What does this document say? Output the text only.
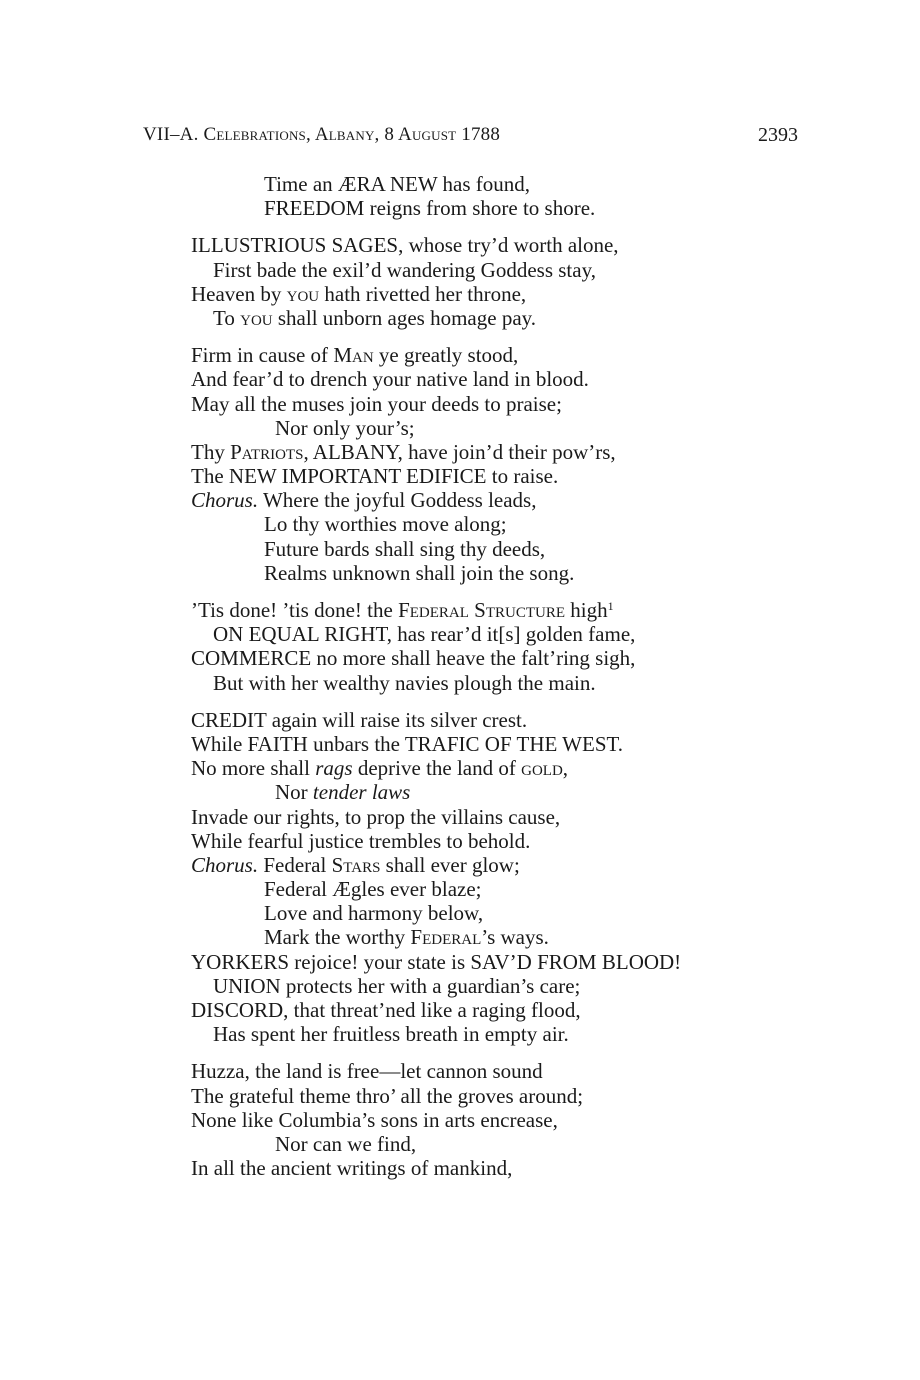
VII–A. Celebrations, Albany, 8 August 1788	2393
Time an ÆRA NEW has found,
FREEDOM reigns from shore to shore.
ILLUSTRIOUS SAGES, whose try’d worth alone,
First bade the exil’d wandering Goddess stay,
Heaven by you hath rivetted her throne,
To you shall unborn ages homage pay.
Firm in cause of Man ye greatly stood,
And fear’d to drench your native land in blood.
May all the muses join your deeds to praise;
Nor only your’s;
Thy Patriots, ALBANY, have join’d their pow’rs,
The NEW IMPORTANT EDIFICE to raise.
Chorus. Where the joyful Goddess leads,
Lo thy worthies move along;
Future bards shall sing thy deeds,
Realms unknown shall join the song.
’Tis done! ’tis done! the Federal Structure high$^1$
ON EQUAL RIGHT, has rear’d it[s] golden fame,
COMMERCE no more shall heave the falt’ring sigh,
But with her wealthy navies plough the main.
CREDIT again will raise its silver crest.
While FAITH unbars the TRAFIC OF THE WEST.
No more shall rags deprive the land of gold,
Nor tender laws
Invade our rights, to prop the villains cause,
While fearful justice trembles to behold.
Chorus. Federal Stars shall ever glow;
Federal Ægles ever blaze;
Love and harmony below,
Mark the worthy Federal’s ways.
YORKERS rejoice! your state is SAV’D FROM BLOOD!
UNION protects her with a guardian’s care;
DISCORD, that threat’ned like a raging flood,
Has spent her fruitless breath in empty air.
Huzza, the land is free—let cannon sound
The grateful theme thro’ all the groves around;
None like Columbia’s sons in arts encrease,
Nor can we find,
In all the ancient writings of mankind,
